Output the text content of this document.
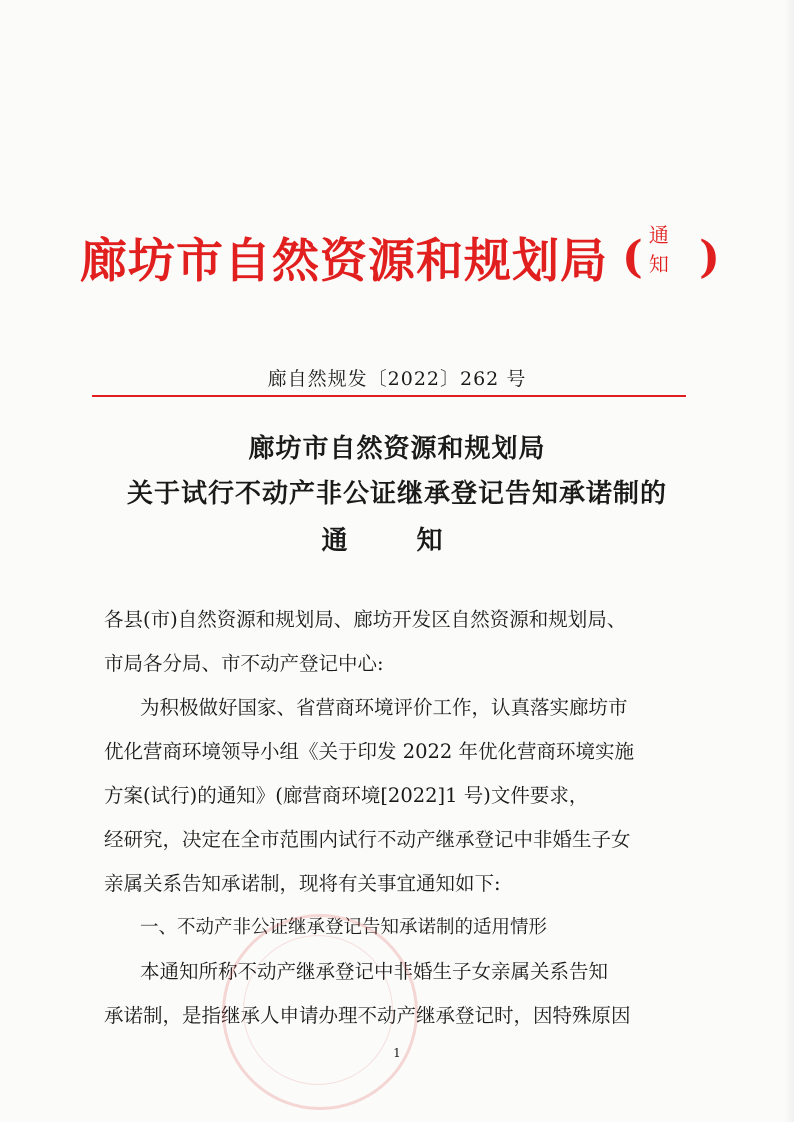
廊坊市自然资源和规划局 ( 通知 )
廊自然规发〔2022〕262 号
廊坊市自然资源和规划局
关于试行不动产非公证继承登记告知承诺制的
通 知
各县(市)自然资源和规划局、廊坊开发区自然资源和规划局、
市局各分局、市不动产登记中心:
为积极做好国家、省营商环境评价工作，认真落实廊坊市
优化营商环境领导小组《关于印发 2022 年优化营商环境实施
方案(试行)的通知》(廊营商环境[2022]1 号)文件要求，
经研究，决定在全市范围内试行不动产继承登记中非婚生子女
亲属关系告知承诺制，现将有关事宜通知如下:
一、不动产非公证继承登记告知承诺制的适用情形
本通知所称不动产继承登记中非婚生子女亲属关系告知
承诺制，是指继承人申请办理不动产继承登记时，因特殊原因
1
